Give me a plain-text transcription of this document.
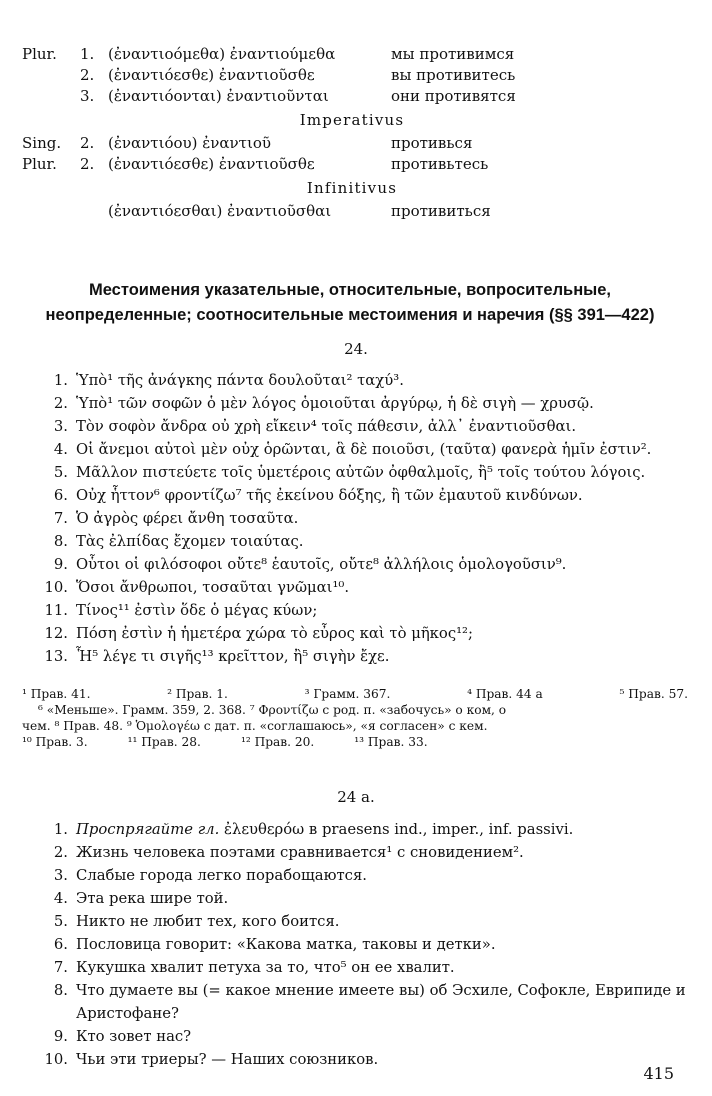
Plur.	1. (ἐναντιοόμεθα) ἐναντιούμεθα	мы противимся
2. (ἐναντιόεσθε) ἐναντιοῦσθε	вы противитесь
3. (ἐναντιόονται) ἐναντιοῦνται	они противятся
Imperativus
Sing.	2. (ἐναντιόου) ἐναντιοῦ	противься
Plur.	2. (ἐναντιόεσθε) ἐναντιοῦσθε	противьтесь
Infinitivus
(ἐναντιόεσθαι) ἐναντιοῦσθαι	противиться
Местоимения указательные, относительные, вопросительные,
неопределенные; соотносительные местоимения и наречия (§§ 391—422)
24.
1. Ὑπὸ¹ τῆς ἀνάγκης πάντα δουλοῦται² ταχύ³.
2. Ὑπὸ¹ τῶν σοφῶν ὁ μὲν λόγος ὁμοιοῦται ἀργύρῳ, ἡ δὲ σιγὴ — χρυσῷ.
3. Τὸν σοφὸν ἄνδρα οὐ χρὴ εἴκειν⁴ τοῖς πάθεσιν, ἀλλ᾿ ἐναντιοῦσθαι.
4. Οἱ ἄνεμοι αὐτοὶ μὲν οὐχ ὁρῶνται, ἃ δὲ ποιοῦσι, (ταῦτα) φανερὰ ἡμῖν ἐστιν².
5. Μᾶλλον πιστεύετε τοῖς ὑμετέροις αὐτῶν ὀφθαλμοῖς, ἢ⁵ τοῖς τούτου λόγοις.
6. Οὐχ ἧττον⁶ φροντίζω⁷ τῆς ἐκείνου δόξης, ἢ τῶν ἐμαυτοῦ κινδύνων.
7. Ὁ ἀγρὸς φέρει ἄνθη τοσαῦτα.
8. Τὰς ἐλπίδας ἔχομεν τοιαύτας.
9. Οὗτοι οἱ φιλόσοφοι οὔτε⁸ ἑαυτοῖς, οὔτε⁸ ἀλλήλοις ὁμολογοῦσιν⁹.
10. Ὅσοι ἄνθρωποι, τοσαῦται γνῶμαι¹⁰.
11. Τίνος¹¹ ἐστὶν ὅδε ὁ μέγας κύων;
12. Πόση ἐστὶν ἡ ἡμετέρα χώρα τὸ εὖρος καὶ τὸ μῆκος¹²;
13. Ἧ⁵ λέγε τι σιγῆς¹³ κρεῖττον, ἢ⁵ σιγὴν ἔχε.
¹ Прав. 41.	² Прав. 1.	³ Грамм. 367.	⁴ Прав. 44 а	⁵ Прав. 57.
⁶ «Меньше». Грамм. 359, 2. 368. ⁷ Φροντίζω с род. п. «забочусь» о ком, о
чем. ⁸ Прав. 48. ⁹ Ὁμολογέω с дат. п. «соглашаюсь», «я согласен» с кем.
¹⁰ Прав. 3.	¹¹ Прав. 28.	¹² Прав. 20.	¹³ Прав. 33.
24 а.
1. Проспрягайте гл. ἐλευθερόω в praesens ind., imper., inf. passivi.
2. Жизнь человека поэтами сравнивается¹ с сновидением².
3. Слабые города легко порабощаются.
4. Эта река шире той.
5. Никто не любит тех, кого боится.
6. Пословица говорит: «Какова матка, таковы и детки».
7. Кукушка хвалит петуха за то, что⁵ он ее хвалит.
8. Что думаете вы (= какое мнение имеете вы) об Эсхиле, Софокле, Еврипиде и Аристофане?
9. Кто зовет нас?
10. Чьи эти триеры? — Наших союзников.
415
